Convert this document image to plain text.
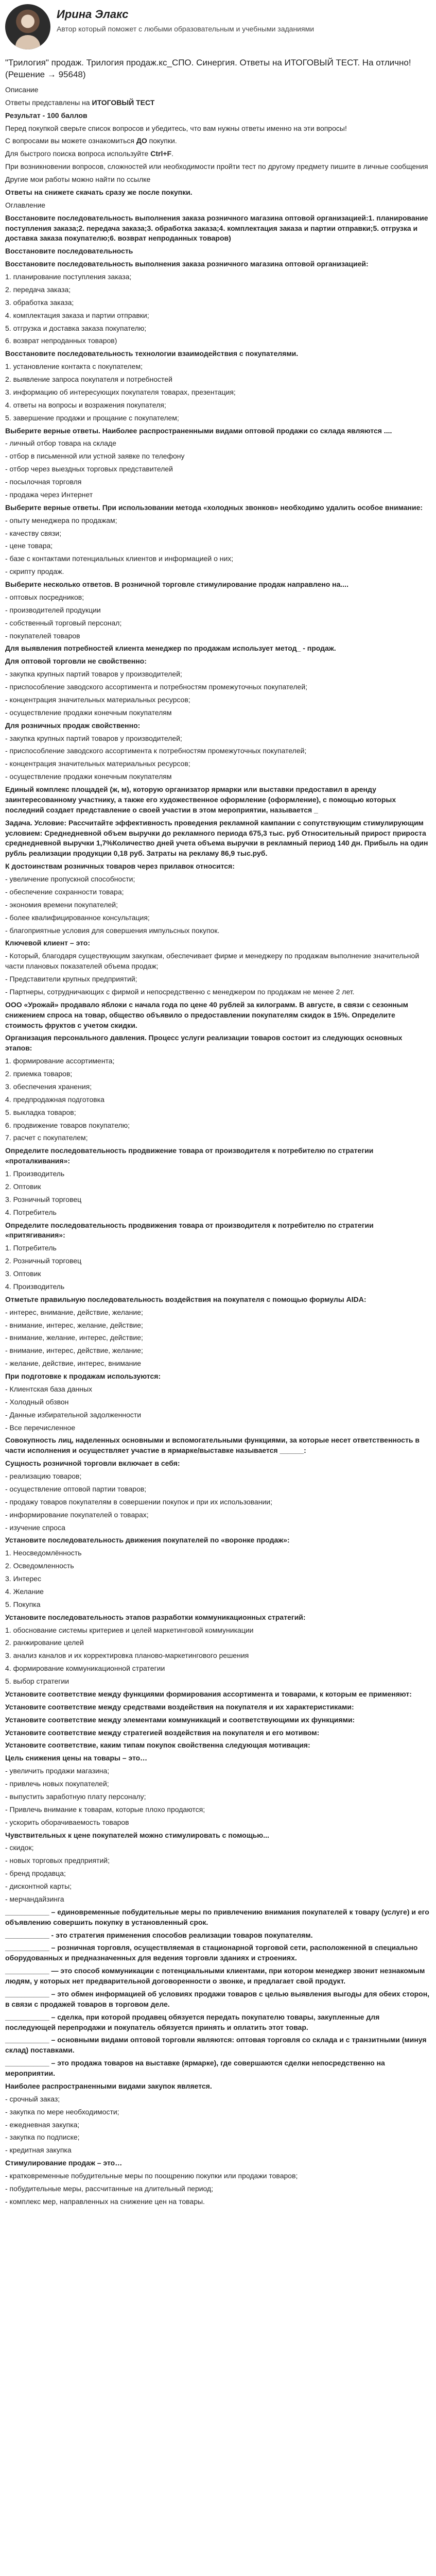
Ирина Элакс
Автор который поможет с любыми образовательным и учебными заданиями
"Трилогия" продаж. Трилогия продаж.кс_СПО. Синергия. Ответы на ИТОГОВЫЙ ТЕСТ. На отлично! (Решение → 95648)

Описание

Ответы представлены на ИТОГОВЫЙ ТЕСТ

Результат - 100 баллов

Перед покупкой сверьте список вопросов и убедитесь, что вам нужны ответы именно на эти вопросы!

С вопросами вы можете ознакомиться ДО покупки.

Для быстрого поиска вопроса используйте Ctrl+F.

При возникновении вопросов, сложностей или необходимости пройти тест по другому предмету пишите в личные сообщения

Другие мои работы можно найти по ссылке

Ответы на снижете скачать сразу же после покупки.

Оглавление

Восстановите последовательность выполнения заказа розничного магазина оптовой организацией:1. планирование поступления заказа;2. передача заказа;3. обработка заказа;4. комплектация заказа и партии отправки;5. отгрузка и доставка заказа покупателю;6. возврат непроданных товаров)

Восстановите последовательность

Восстановите последовательность выполнения заказа розничного магазина оптовой организацией:

1. планирование поступления заказа;

2. передача заказа;

3. обработка заказа;

4. комплектация заказа и партии отправки;

5. отгрузка и доставка заказа покупателю;

6. возврат непроданных товаров)

Восстановите последовательность технологии взаимодействия с покупателями.

1. установление контакта с покупателем;

2. выявление запроса покупателя и потребностей

3. информацию об интересующих покупателя товарах, презентация;

4. ответы на вопросы и возражения покупателя;

5. завершение продажи и прощание с покупателем;

Выберите верные ответы. Наиболее распространенными видами оптовой продажи со склада являются ....

- личный отбор товара на складе

- отбор в письменной или устной заявке по телефону

- отбор через выездных торговых представителей

- посылочная торговля

- продажа через Интернет

Выберите верные ответы. При использовании метода «холодных звонков» необходимо удалить особое внимание:

- опыту менеджера по продажам;

- качеству связи;

- цене товара;

- базе с контактами потенциальных клиентов и информацией о них;

- скрипту продаж.

Выберите несколько ответов. В розничной торговле стимулирование продаж направлено на....

- оптовых посредников;

- производителей продукции

- собственный торговый персонал;

- покупателей товаров

Для выявления потребностей клиента менеджер по продажам использует метод_ - продаж.

Для оптовой торговли не свойственно:

- закупка крупных партий товаров у производителей;

- приспособление заводского ассортимента и потребностям промежуточных покупателей;

- концентрация значительных материальных ресурсов;

- осуществление продажи конечным покупателям

Для розничных продаж свойственно:

- закупка крупных партий товаров у производителей;

- приспособление заводского ассортимента к потребностям промежуточных покупателей;

- концентрация значительных материальных ресурсов;

- осуществление продажи конечным покупателям

Единый комплекс площадей (ж, м), которую организатор ярмарки или выставки предоставил в аренду заинтересованному участнику, а также его художественное оформление (оформление), с помощью которых последний создает представление о своей участии в этом мероприятии, называется _

Задача. Условие: Рассчитайте эффективность проведения рекламной кампании с сопутствующим стимулирующим условием: Среднедневной объем выручки до рекламного периода 675,3 тыс. руб Относительный прирост прироста среднедневной выручки 1,7%Количество дней учета объема выручки в рекламный период 140 дн. Прибыль на один рубль реализации продукции 0,18 руб. Затраты на рекламу 86,9 тыс.руб.

К достоинствам розничных товаров через прилавок относится:

- увеличение пропускной способности;

- обеспечение сохранности товара;

- экономия времени покупателей;

- более квалифицированное консультация;

- благоприятные условия для совершения импульсных покупок.

Ключевой клиент – это:

- Который, благодаря существующим закупкам, обеспечивает фирме и менеджеру по продажам выполнение значительной части плановых показателей объема продаж;

- Представители крупных предприятий;

- Партнеры, сотрудничающих с фирмой и непосредственно с менеджером по продажам не менее 2 лет.

ООО «Урожай» продавало яблоки с начала года по цене 40 рублей за килограмм. В августе, в связи с сезонным снижением спроса на товар, общество объявило о предоставлении покупателям скидок в 15%. Определите стоимость фруктов с учетом скидки.

Организация персонального давления. Процесс услуги реализации товаров состоит из следующих основных этапов:

1. формирование ассортимента;

2. приемка товаров;

3. обеспечения хранения;

4. предпродажная подготовка

5. выкладка товаров;

6. продвижение товаров покупателю;

7. расчет с покупателем;

Определите последовательность продвижение товара от производителя к потребителю по стратегии «проталкивания»:

1. Производитель

2. Оптовик

3. Розничный торговец

4. Потребитель

Определите последовательность продвижения товара от производителя к потребителю по стратегии «притягивания»:

1. Потребитель

2. Розничный торговец

3. Оптовик

4. Производитель

Отметьте правильную последовательность воздействия на покупателя с помощью формулы AIDA:

- интерес, внимание, действие, желание;

- внимание, интерес, желание, действие;

- внимание, желание, интерес, действие;

- внимание, интерес, действие, желание;

- желание, действие, интерес, внимание

При подготовке к продажам используются:

- Клиентская база данных

- Холодный обзвон

- Данные избирательной задолженности

- Все перечисленное

Совокупность лиц, наделенных основными и вспомогательными функциями, за которые несет ответственность в части исполнения и осуществляет участие в ярмарке/выставке называется ______:

Сущность розничной торговли включает в себя:

- реализацию товаров;

- осуществление оптовой партии товаров;

- продажу товаров покупателям в совершении покупок и при их использовании;

- информирование покупателей о товарах;

- изучение спроса

Установите последовательность движения покупателей по «воронке продаж»:

1. Неосведомлённость

2. Осведомленность

3. Интерес

4. Желание

5. Покупка

Установите последовательность этапов разработки коммуникационных стратегий:

1. обоснование системы критериев и целей маркетинговой коммуникации

2. ранжирование целей

3. анализ каналов и их корректировка планово-маркетингового решения

4. формирование коммуникационной стратегии

5. выбор стратегии

Установите соответствие между функциями формирования ассортимента и товарами, к которым ее применяют:

Установите соответствие между средствами воздействия на покупателя и их характеристиками:

Установите соответствие между элементами коммуникаций и соответствующими их функциями:

Установите соответствие между стратегией воздействия на покупателя и его мотивом:

Установите соответствие, каким типам покупок свойственна следующая мотивация:

Цель снижения цены на товары – это…

- увеличить продажи магазина;

- привлечь новых покупателей;

- выпустить заработную плату персоналу;

- Привлечь внимание к товарам, которые плохо продаются;

- ускорить оборачиваемость товаров

Чувствительных к цене покупателей можно стимулировать с помощью...

- скидок;

- новых торговых предприятий;

- бренд продавца;

- дисконтной карты;

- мерчандайзинга

___________ – единовременные побудительные меры по привлечению внимания покупателей к товару (услуге) и его объявлению совершить покупку в установленный срок.

___________ - это стратегия применения способов реализации товаров покупателям.

___________ – розничная торговля, осуществляемая в стационарной торговой сети, расположенной в специально оборудованных и предназначенных для ведения торговли зданиях и строениях.

___________ — это способ коммуникации с потенциальными клиентами, при котором менеджер звонит незнакомым людям, у которых нет предварительной договоренности о звонке, и предлагает свой продукт.

___________ – это обмен информацией об условиях продажи товаров с целью выявления выгоды для обеих сторон, в связи с продажей товаров в торговом деле.

___________ – сделка, при которой продавец обязуется передать покупателю товары, закупленные для последующей перепродажи и покупатель обязуется принять и оплатить этот товар.

___________ – основными видами оптовой торговли являются: оптовая торговля со склада и с транзитными (минуя склад) поставками.

___________ – это продажа товаров на выставке (ярмарке), где совершаются сделки непосредственно на мероприятии.

Наиболее распространенными видами закупок является.

- срочный заказ;

- закупка по мере необходимости;

- ежедневная закупка;

- закупка по подписке;

- кредитная закупка

Стимулирование продаж – это…

- кратковременные побудительные меры по поощрению покупки или продажи товаров;

- побудительные меры, рассчитанные на длительный период;

- комплекс мер, направленных на снижение цен на товары.
